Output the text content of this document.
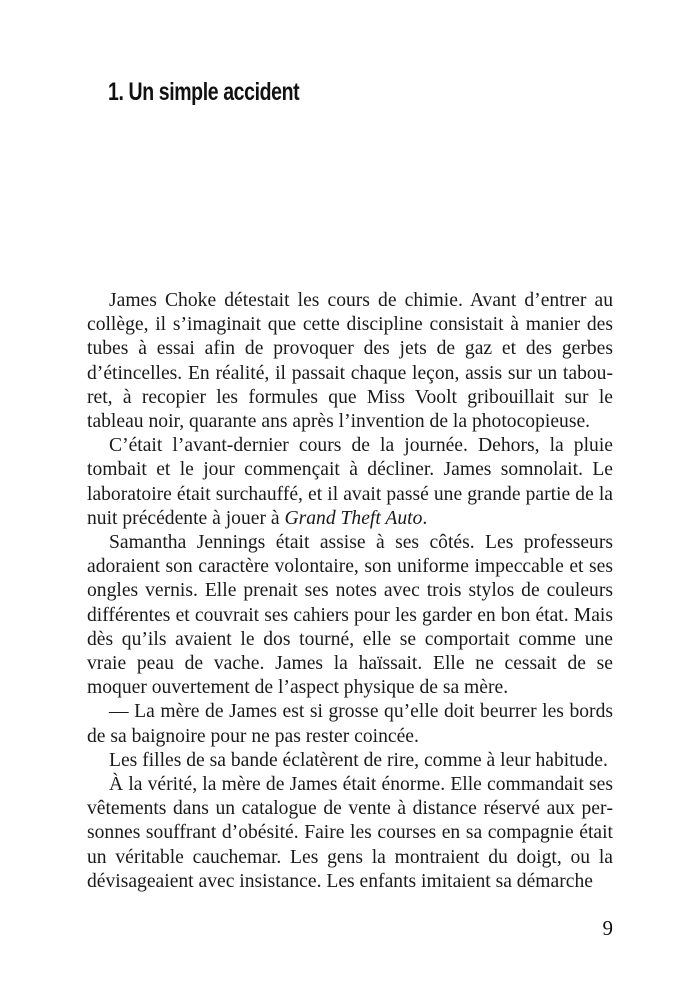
1. Un simple accident

James Choke détestait les cours de chimie. Avant d’entrer au collège, il s’imaginait que cette discipline consistait à manier des tubes à essai afin de provoquer des jets de gaz et des gerbes d’étincelles. En réalité, il passait chaque leçon, assis sur un tabouret, à recopier les formules que Miss Voolt gribouillait sur le tableau noir, quarante ans après l’invention de la photocopieuse.

C’était l’avant-dernier cours de la journée. Dehors, la pluie tombait et le jour commençait à décliner. James somnolait. Le laboratoire était surchauffé, et il avait passé une grande partie de la nuit précédente à jouer à Grand Theft Auto.

Samantha Jennings était assise à ses côtés. Les professeurs adoraient son caractère volontaire, son uniforme impeccable et ses ongles vernis. Elle prenait ses notes avec trois stylos de couleurs différentes et couvrait ses cahiers pour les garder en bon état. Mais dès qu’ils avaient le dos tourné, elle se comportait comme une vraie peau de vache. James la haïssait. Elle ne cessait de se moquer ouvertement de l’aspect physique de sa mère.

— La mère de James est si grosse qu’elle doit beurrer les bords de sa baignoire pour ne pas rester coincée.

Les filles de sa bande éclatèrent de rire, comme à leur habitude.

À la vérité, la mère de James était énorme. Elle commandait ses vêtements dans un catalogue de vente à distance réservé aux personnes souffrant d’obésité. Faire les courses en sa compagnie était un véritable cauchemar. Les gens la montraient du doigt, ou la dévisageaient avec insistance. Les enfants imitaient sa démarche

9
